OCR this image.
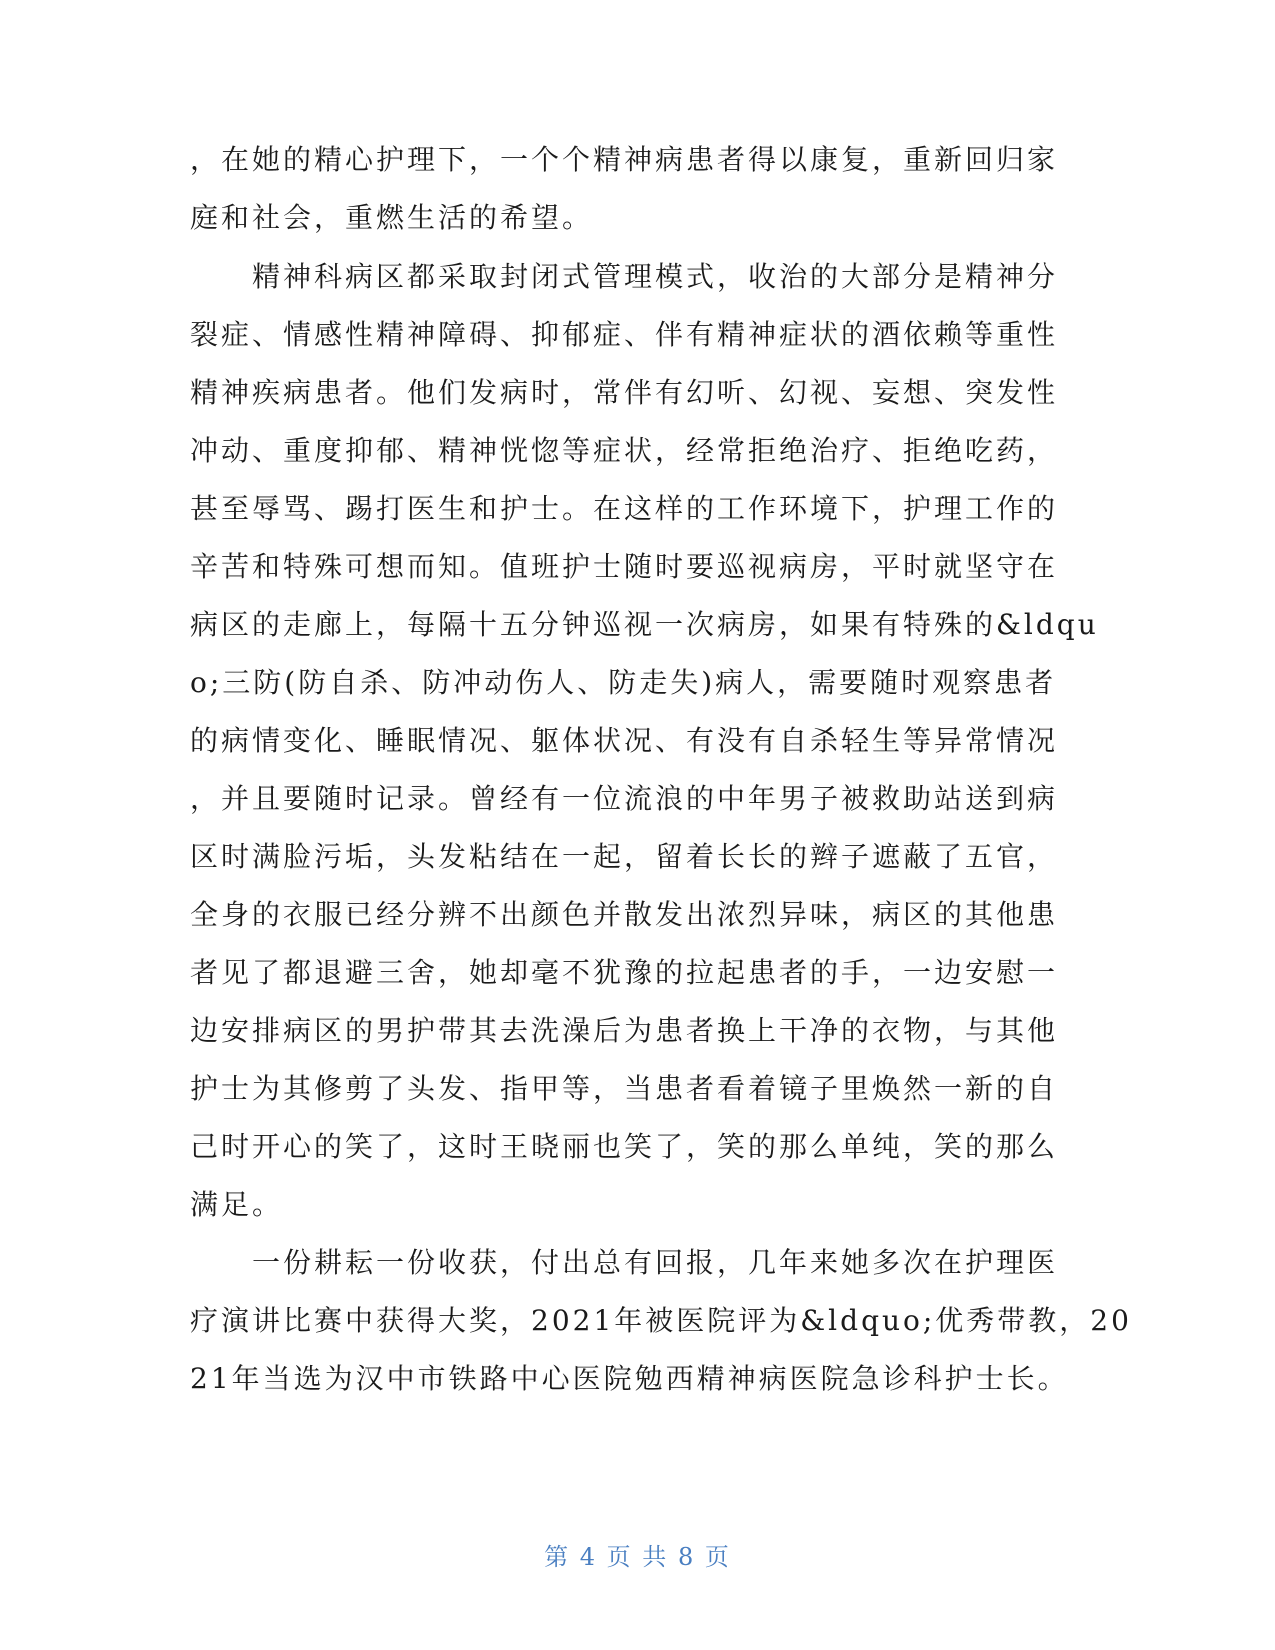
，在她的精心护理下，一个个精神病患者得以康复，重新回归家
庭和社会，重燃生活的希望。
　　精神科病区都采取封闭式管理模式，收治的大部分是精神分
裂症、情感性精神障碍、抑郁症、伴有精神症状的酒依赖等重性
精神疾病患者。他们发病时，常伴有幻听、幻视、妄想、突发性
冲动、重度抑郁、精神恍惚等症状，经常拒绝治疗、拒绝吃药，
甚至辱骂、踢打医生和护士。在这样的工作环境下，护理工作的
辛苦和特殊可想而知。值班护士随时要巡视病房，平时就坚守在
病区的走廊上，每隔十五分钟巡视一次病房，如果有特殊的&ldqu
o;三防(防自杀、防冲动伤人、防走失)病人，需要随时观察患者
的病情变化、睡眠情况、躯体状况、有没有自杀轻生等异常情况
，并且要随时记录。曾经有一位流浪的中年男子被救助站送到病
区时满脸污垢，头发粘结在一起，留着长长的辫子遮蔽了五官，
全身的衣服已经分辨不出颜色并散发出浓烈异味，病区的其他患
者见了都退避三舍，她却毫不犹豫的拉起患者的手，一边安慰一
边安排病区的男护带其去洗澡后为患者换上干净的衣物，与其他
护士为其修剪了头发、指甲等，当患者看着镜子里焕然一新的自
己时开心的笑了，这时王晓丽也笑了，笑的那么单纯，笑的那么
满足。
　　一份耕耘一份收获，付出总有回报，几年来她多次在护理医
疗演讲比赛中获得大奖，2021年被医院评为&ldquo;优秀带教，20
21年当选为汉中市铁路中心医院勉西精神病医院急诊科护士长。
第 4 页 共 8 页
